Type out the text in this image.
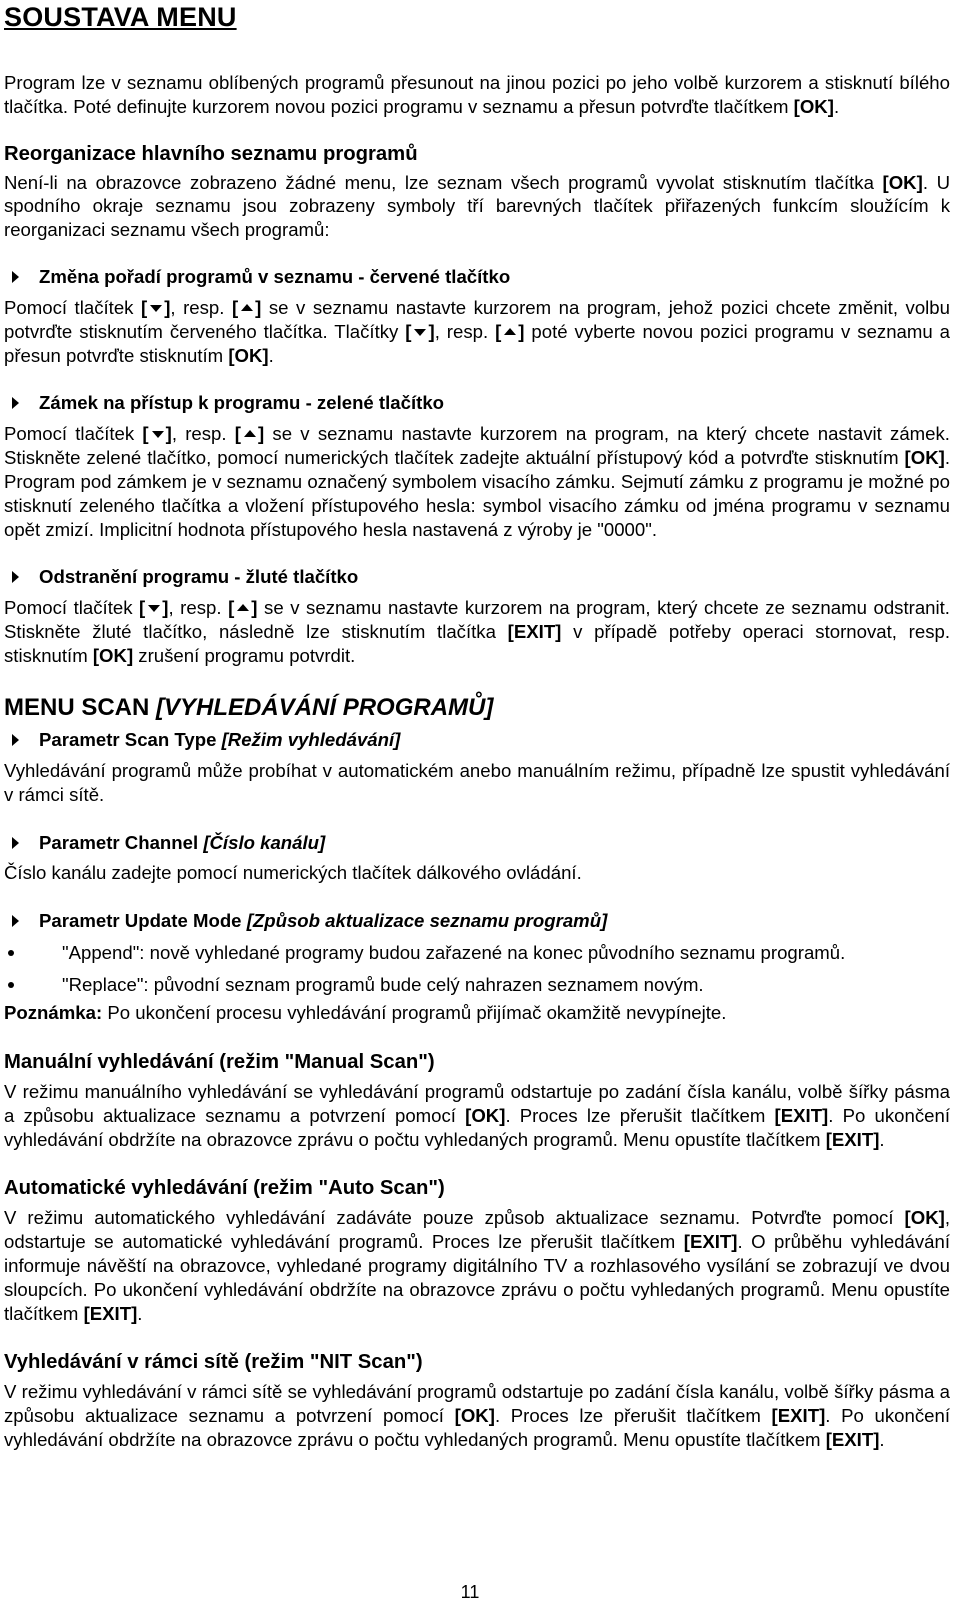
SOUSTAVA MENU

Program lze v seznamu oblíbených programů přesunout na jinou pozici po jeho volbě kurzorem a stisknutí bílého tlačítka. Poté definujte kurzorem novou pozici programu v seznamu a přesun potvrďte tlačítkem [OK].

Reorganizace hlavního seznamu programů

Není-li na obrazovce zobrazeno žádné menu, lze seznam všech programů vyvolat stisknutím tlačítka [OK]. U spodního okraje seznamu jsou zobrazeny symboly tří barevných tlačítek přiřazených funkcím sloužícím k reorganizaci seznamu všech programů:

Změna pořadí programů v seznamu - červené tlačítko

Pomocí tlačítek [ ], resp. [ ] se v seznamu nastavte kurzorem na program, jehož pozici chcete změnit, volbu potvrďte stisknutím červeného tlačítka. Tlačítky [ ], resp. [ ] poté vyberte novou pozici programu v seznamu a přesun potvrďte stisknutím [OK].

Zámek na přístup k programu - zelené tlačítko

Pomocí tlačítek [ ], resp. [ ] se v seznamu nastavte kurzorem na program, na který chcete nastavit zámek. Stiskněte zelené tlačítko, pomocí numerických tlačítek zadejte aktuální přístupový kód a potvrďte stisknutím [OK]. Program pod zámkem je v seznamu označený symbolem visacího zámku. Sejmutí zámku z programu je možné po stisknutí zeleného tlačítka a vložení přístupového hesla: symbol visacího zámku od jména programu v seznamu opět zmizí. Implicitní hodnota přístupového hesla nastavená z výroby je "0000".

Odstranění programu - žluté tlačítko

Pomocí tlačítek [ ], resp. [ ] se v seznamu nastavte kurzorem na program, který chcete ze seznamu odstranit. Stiskněte žluté tlačítko, následně lze stisknutím tlačítka [EXIT] v případě potřeby operaci stornovat, resp. stisknutím [OK] zrušení programu potvrdit.

MENU SCAN [VYHLEDÁVÁNÍ PROGRAMŮ]
Parametr Scan Type [Režim vyhledávání]

Vyhledávání programů může probíhat v automatickém anebo manuálním režimu, případně lze spustit vyhledávání v rámci sítě.

Parametr Channel [Číslo kanálu]

Číslo kanálu zadejte pomocí numerických tlačítek dálkového ovládání.

Parametr Update Mode [Způsob aktualizace seznamu programů]
"Append": nově vyhledané programy budou zařazené na konec původního seznamu programů.
"Replace": původní seznam programů bude celý nahrazen seznamem novým.

Poznámka: Po ukončení procesu vyhledávání programů přijímač okamžitě nevypínejte.

Manuální vyhledávání (režim "Manual Scan")

V režimu manuálního vyhledávání se vyhledávání programů odstartuje po zadání čísla kanálu, volbě šířky pásma a způsobu aktualizace seznamu a potvrzení pomocí [OK]. Proces lze přerušit tlačítkem [EXIT]. Po ukončení vyhledávání obdržíte na obrazovce zprávu o počtu vyhledaných programů. Menu opustíte tlačítkem [EXIT].

Automatické vyhledávání (režim "Auto Scan")

V režimu automatického vyhledávání zadáváte pouze způsob aktualizace seznamu. Potvrďte pomocí [OK], odstartuje se automatické vyhledávání programů. Proces lze přerušit tlačítkem [EXIT]. O průběhu vyhledávání informuje návěští na obrazovce, vyhledané programy digitálního TV a rozhlasového vysílání se zobrazují ve dvou sloupcích. Po ukončení vyhledávání obdržíte na obrazovce zprávu o počtu vyhledaných programů. Menu opustíte tlačítkem [EXIT].

Vyhledávání v rámci sítě (režim "NIT Scan")

V režimu vyhledávání v rámci sítě se vyhledávání programů odstartuje po zadání čísla kanálu, volbě šířky pásma a způsobu aktualizace seznamu a potvrzení pomocí [OK]. Proces lze přerušit tlačítkem [EXIT]. Po ukončení vyhledávání obdržíte na obrazovce zprávu o počtu vyhledaných programů. Menu opustíte tlačítkem [EXIT].

11
